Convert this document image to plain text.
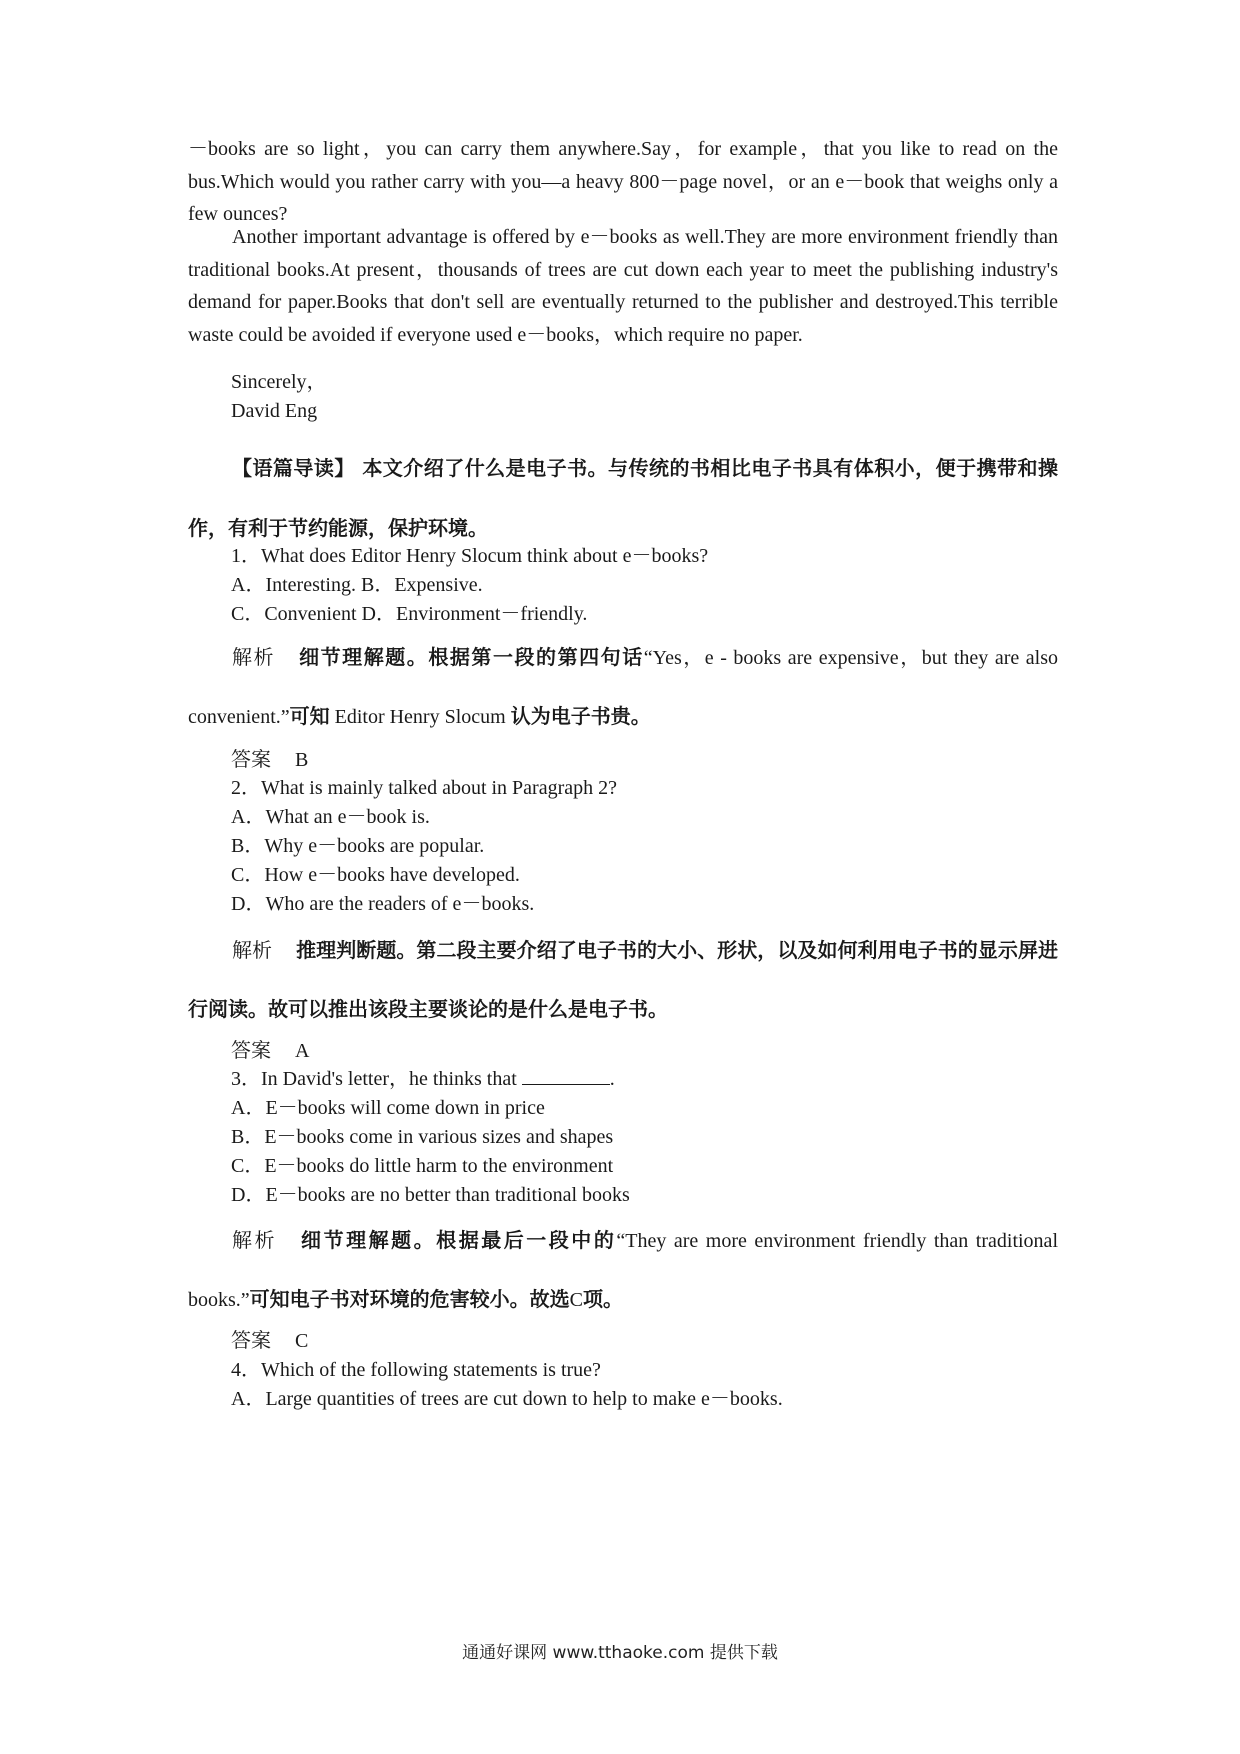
－books are so light，you can carry them anywhere.Say，for example，that you like to read on the bus.Which would you rather carry with you—a heavy 800－page novel，or an e－book that weighs only a few ounces?

Another important advantage is offered by e－books as well.They are more environment friendly than traditional books.At present，thousands of trees are cut down each year to meet the publishing industry's demand for paper.Books that don't sell are eventually returned to the publisher and destroyed.This terrible waste could be avoided if everyone used e－books，which require no paper.

Sincerely，

David Eng

【语篇导读】 本文介绍了什么是电子书。与传统的书相比电子书具有体积小，便于携带和操作，有利于节约能源，保护环境。

1．What does Editor Henry Slocum think about e－books?

A．Interesting. B．Expensive.

C．Convenient D．Environment－friendly.

解析 细节理解题。根据第一段的第四句话“Yes，e - books are expensive，but they are also convenient.”可知 Editor Henry Slocum 认为电子书贵。

答案 B

2．What is mainly talked about in Paragraph 2?

A．What an e－book is.

B．Why e－books are popular.

C．How e－books have developed.

D．Who are the readers of e－books.

解析 推理判断题。第二段主要介绍了电子书的大小、形状，以及如何利用电子书的显示屏进行阅读。故可以推出该段主要谈论的是什么是电子书。

答案 A

3．In David's letter，he thinks that	.

A．E－books will come down in price

B．E－books come in various sizes and shapes

C．E－books do little harm to the environment

D．E－books are no better than traditional books

解析 细节理解题。根据最后一段中的“They are more environment friendly than traditional books.”可知电子书对环境的危害较小。故选C项。

答案 C

4．Which of the following statements is true?

A．Large quantities of trees are cut down to help to make e－books.

通通好课网 www.tthaoke.com 提供下载
